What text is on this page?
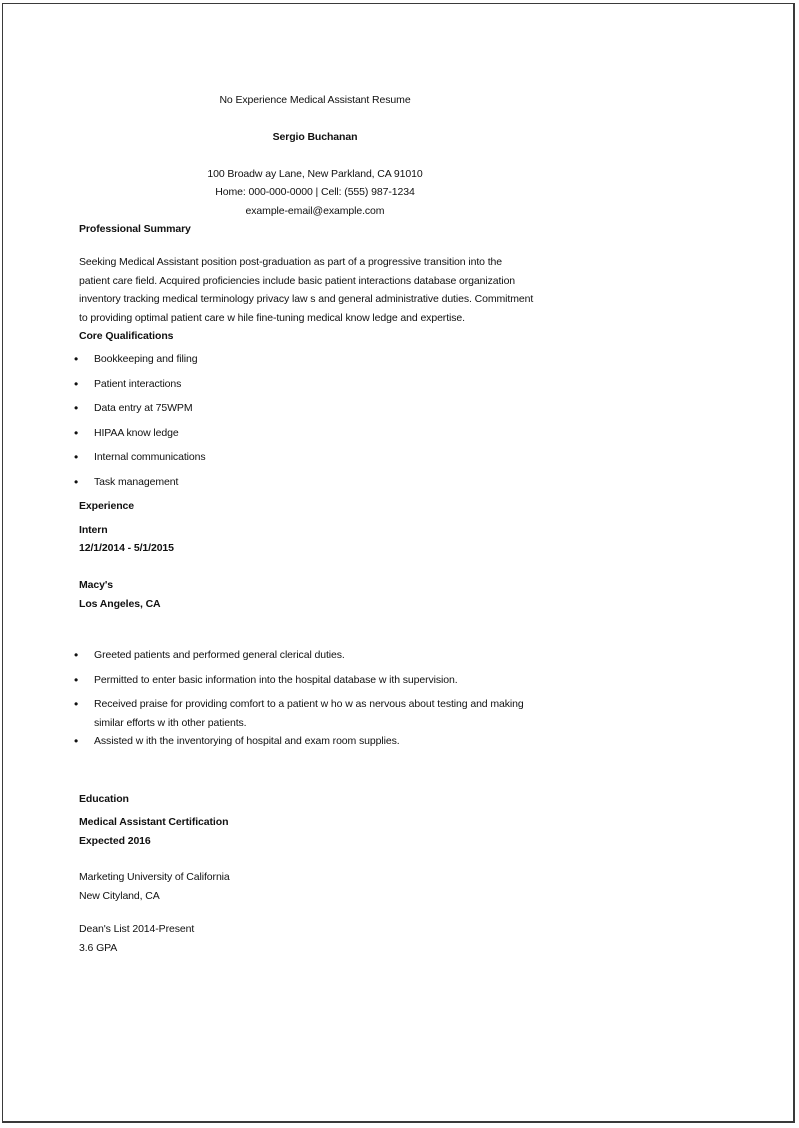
No Experience Medical Assistant Resume
Sergio Buchanan
100 Broadw ay Lane, New Parkland, CA 91010
Home: 000-000-0000 | Cell: (555) 987-1234
example-email@example.com
Professional Summary
Seeking Medical Assistant position post-graduation as part of a progressive transition into the
patient care field. Acquired proficiencies include basic patient interactions database organization
inventory tracking medical terminology privacy law s and general administrative duties. Commitment
to providing optimal patient care w hile fine-tuning medical know ledge and expertise.
Core Qualifications
• Bookkeeping and filing
• Patient interactions
• Data entry at 75WPM
• HIPAA know ledge
• Internal communications
• Task management
Experience
Intern
12/1/2014 - 5/1/2015
Macy's
Los Angeles, CA
• Greeted patients and performed general clerical duties.
• Permitted to enter basic information into the hospital database w ith supervision.
• Received praise for providing comfort to a patient w ho w as nervous about testing and making
similar efforts w ith other patients.
• Assisted w ith the inventorying of hospital and exam room supplies.
Education
Medical Assistant Certification
Expected 2016
Marketing University of California
New Cityland, CA
Dean's List 2014-Present
3.6 GPA
